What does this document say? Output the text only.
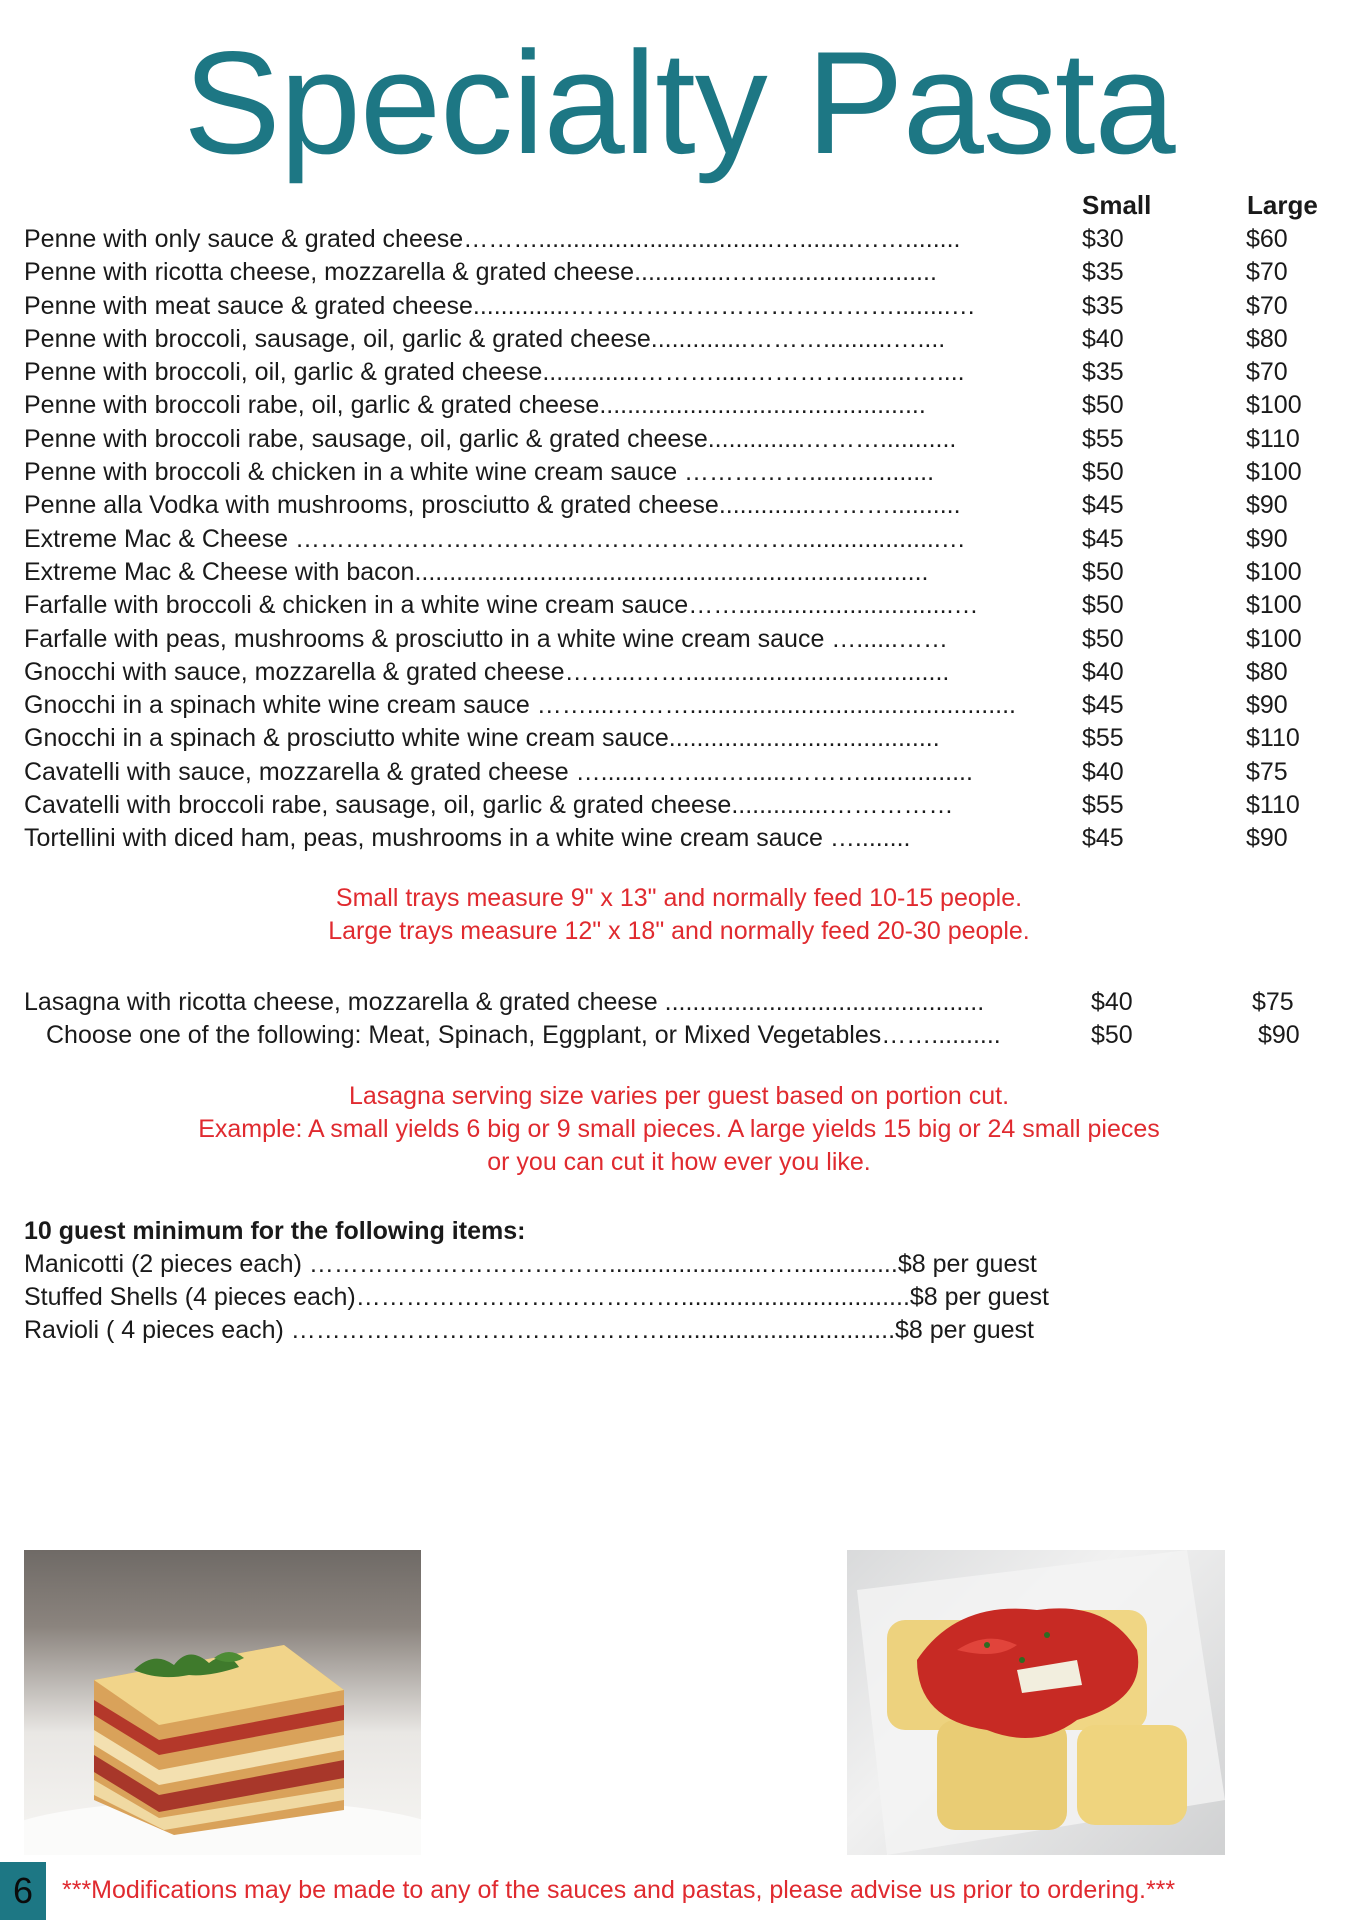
Specialty Pasta
Small	Large
Penne with only sauce & grated cheese………..................................…........……........	$30	$60
Penne with ricotta cheese, mozzarella & grated cheese..............…..........................	$35	$70
Penne with meat sauce & grated cheese..............…………………………………........…	$35	$70
Penne with broccoli, sausage, oil, garlic & grated cheese..............………..........…....	$40	$80
Penne with broccoli, oil, garlic & grated cheese..............……….....………….........…....	$35	$70
Penne with broccoli rabe, oil, garlic & grated cheese...............................................	$50	$100
Penne with broccoli rabe, sausage, oil, garlic & grated cheese..............………...........	$55	$110
Penne with broccoli & chicken in a white wine cream sauce ……………..................	$50	$100
Penne alla Vodka with mushrooms, prosciutto & grated cheese..............………..........	$45	$90
Extreme Mac & Cheese …………………………………………………….....................…	$45	$90
Extreme Mac & Cheese with bacon..........................................................................	$50	$100
Farfalle with broccoli & chicken in a white wine cream sauce……...............................…	$50	$100
Farfalle with peas, mushrooms & prosciutto in a white wine cream sauce …......……	$50	$100
Gnocchi with sauce, mozzarella & grated cheese……...……......................................	$40	$80
Gnocchi in a spinach white wine cream sauce ……....………...............................................	$45	$90
Gnocchi in a spinach & prosciutto white wine cream sauce.......................................	$55	$110
Cavatelli with sauce, mozzarella & grated cheese …......……....…......………................	$40	$75
Cavatelli with broccoli rabe, sausage, oil, garlic & grated cheese..............……………	$55	$110
Tortellini with diced ham, peas, mushrooms in a white wine cream sauce …........	$45	$90
Small trays measure 9" x 13" and normally feed 10-15 people.
Large trays measure 12" x 18" and normally feed 20-30 people.
Lasagna with ricotta cheese, mozzarella & grated cheese ..............................................	$40	$75
Choose one of the following: Meat, Spinach, Eggplant, or Mixed Vegetables……..........	$50	$90
Lasagna serving size varies per guest based on portion cut.
Example: A small yields 6 big or 9 small pieces. A large yields 15 big or 24 small pieces
or you can cut it how ever you like.
10 guest minimum for the following items:
Manicotti (2 pieces each) ……………………………….......................…...............$8 per guest
Stuffed Shells (4 pieces each)………………………………….................................$8 per guest
Ravioli ( 4 pieces each) ……………………………………….................................$8 per guest
6	***Modifications may be made to any of the sauces and pastas, please advise us prior to ordering.***
